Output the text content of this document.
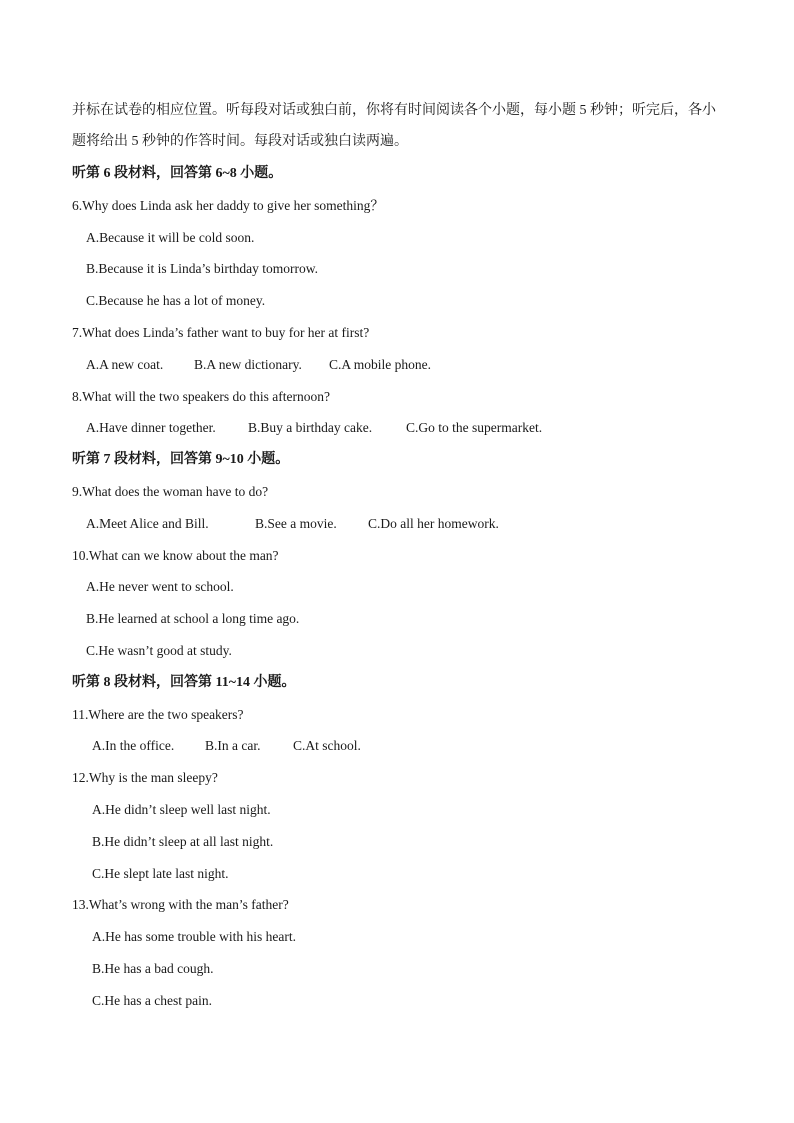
并标在试卷的相应位置。听每段对话或独白前，你将有时间阅读各个小题，每小题 5 秒钟；听完后，各小
题将给出 5 秒钟的作答时间。每段对话或独白读两遍。
听第 6 段材料，回答第 6~8 小题。
6.Why does Linda ask her daddy to give her something？
A.Because it will be cold soon.
B.Because it is Linda’s birthday tomorrow.
C.Because he has a lot of money.
7.What does Linda’s father want to buy for her at first?
A.A new coat. B.A new dictionary. C.A mobile phone.
8.What will the two speakers do this afternoon?
A.Have dinner together. B.Buy a birthday cake.	C.Go to the supermarket.
听第 7 段材料，回答第 9~10 小题。
9.What does the woman have to do?
A.Meet Alice and Bill.	B.See a movie. C.Do all her homework.
10.What can we know about the man?
A.He never went to school.
B.He learned at school a long time ago.
C.He wasn’t good at study.
听第 8 段材料，回答第 11~14 小题。
11.Where are the two speakers?
A.In the office. B.In a car. C.At school.
12.Why is the man sleepy?
A.He didn’t sleep well last night.
B.He didn’t sleep at all last night.
C.He slept late last night.
13.What’s wrong with the man’s father?
A.He has some trouble with his heart.
B.He has a bad cough.
C.He has a chest pain.
